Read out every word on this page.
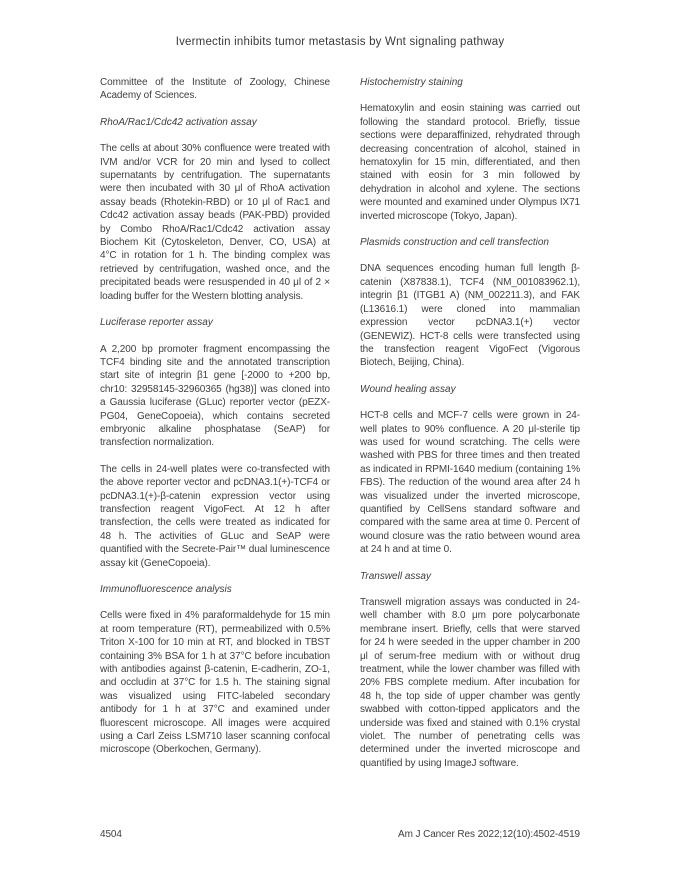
Ivermectin inhibits tumor metastasis by Wnt signaling pathway
Committee of the Institute of Zoology, Chinese Academy of Sciences.
RhoA/Rac1/Cdc42 activation assay
The cells at about 30% confluence were treated with IVM and/or VCR for 20 min and lysed to collect supernatants by centrifugation. The supernatants were then incubated with 30 μl of RhoA activation assay beads (Rhotekin-RBD) or 10 μl of Rac1 and Cdc42 activation assay beads (PAK-PBD) provided by Combo RhoA/Rac1/Cdc42 activation assay Biochem Kit (Cytoskeleton, Denver, CO, USA) at 4°C in rotation for 1 h. The binding complex was retrieved by centrifugation, washed once, and the precipitated beads were resuspended in 40 μl of 2 × loading buffer for the Western blotting analysis.
Luciferase reporter assay
A 2,200 bp promoter fragment encompassing the TCF4 binding site and the annotated transcription start site of integrin β1 gene [-2000 to +200 bp, chr10: 32958145-32960365 (hg38)] was cloned into a Gaussia luciferase (GLuc) reporter vector (pEZX-PG04, GeneCopoeia), which contains secreted embryonic alkaline phosphatase (SeAP) for transfection normalization.
The cells in 24-well plates were co-transfected with the above reporter vector and pcDNA3.1(+)-TCF4 or pcDNA3.1(+)-β-catenin expression vector using transfection reagent VigoFect. At 12 h after transfection, the cells were treated as indicated for 48 h. The activities of GLuc and SeAP were quantified with the Secrete-Pair™ dual luminescence assay kit (GeneCopoeia).
Immunofluorescence analysis
Cells were fixed in 4% paraformaldehyde for 15 min at room temperature (RT), permeabilized with 0.5% Triton X-100 for 10 min at RT, and blocked in TBST containing 3% BSA for 1 h at 37°C before incubation with antibodies against β-catenin, E-cadherin, ZO-1, and occludin at 37°C for 1.5 h. The staining signal was visualized using FITC-labeled secondary antibody for 1 h at 37°C and examined under fluorescent microscope. All images were acquired using a Carl Zeiss LSM710 laser scanning confocal microscope (Oberkochen, Germany).
Histochemistry staining
Hematoxylin and eosin staining was carried out following the standard protocol. Briefly, tissue sections were deparaffinized, rehydrated through decreasing concentration of alcohol, stained in hematoxylin for 15 min, differentiated, and then stained with eosin for 3 min followed by dehydration in alcohol and xylene. The sections were mounted and examined under Olympus IX71 inverted microscope (Tokyo, Japan).
Plasmids construction and cell transfection
DNA sequences encoding human full length β-catenin (X87838.1), TCF4 (NM_001083962.1), integrin β1 (ITGB1 A) (NM_002211.3), and FAK (L13616.1) were cloned into mammalian expression vector pcDNA3.1(+) vector (GENEWIZ). HCT-8 cells were transfected using the transfection reagent VigoFect (Vigorous Biotech, Beijing, China).
Wound healing assay
HCT-8 cells and MCF-7 cells were grown in 24-well plates to 90% confluence. A 20 μl-sterile tip was used for wound scratching. The cells were washed with PBS for three times and then treated as indicated in RPMI-1640 medium (containing 1% FBS). The reduction of the wound area after 24 h was visualized under the inverted microscope, quantified by CellSens standard software and compared with the same area at time 0. Percent of wound closure was the ratio between wound area at 24 h and at time 0.
Transwell assay
Transwell migration assays was conducted in 24-well chamber with 8.0 μm pore polycarbonate membrane insert. Briefly, cells that were starved for 24 h were seeded in the upper chamber in 200 μl of serum-free medium with or without drug treatment, while the lower chamber was filled with 20% FBS complete medium. After incubation for 48 h, the top side of upper chamber was gently swabbed with cotton-tipped applicators and the underside was fixed and stained with 0.1% crystal violet. The number of penetrating cells was determined under the inverted microscope and quantified by using ImageJ software.
4504	Am J Cancer Res 2022;12(10):4502-4519
